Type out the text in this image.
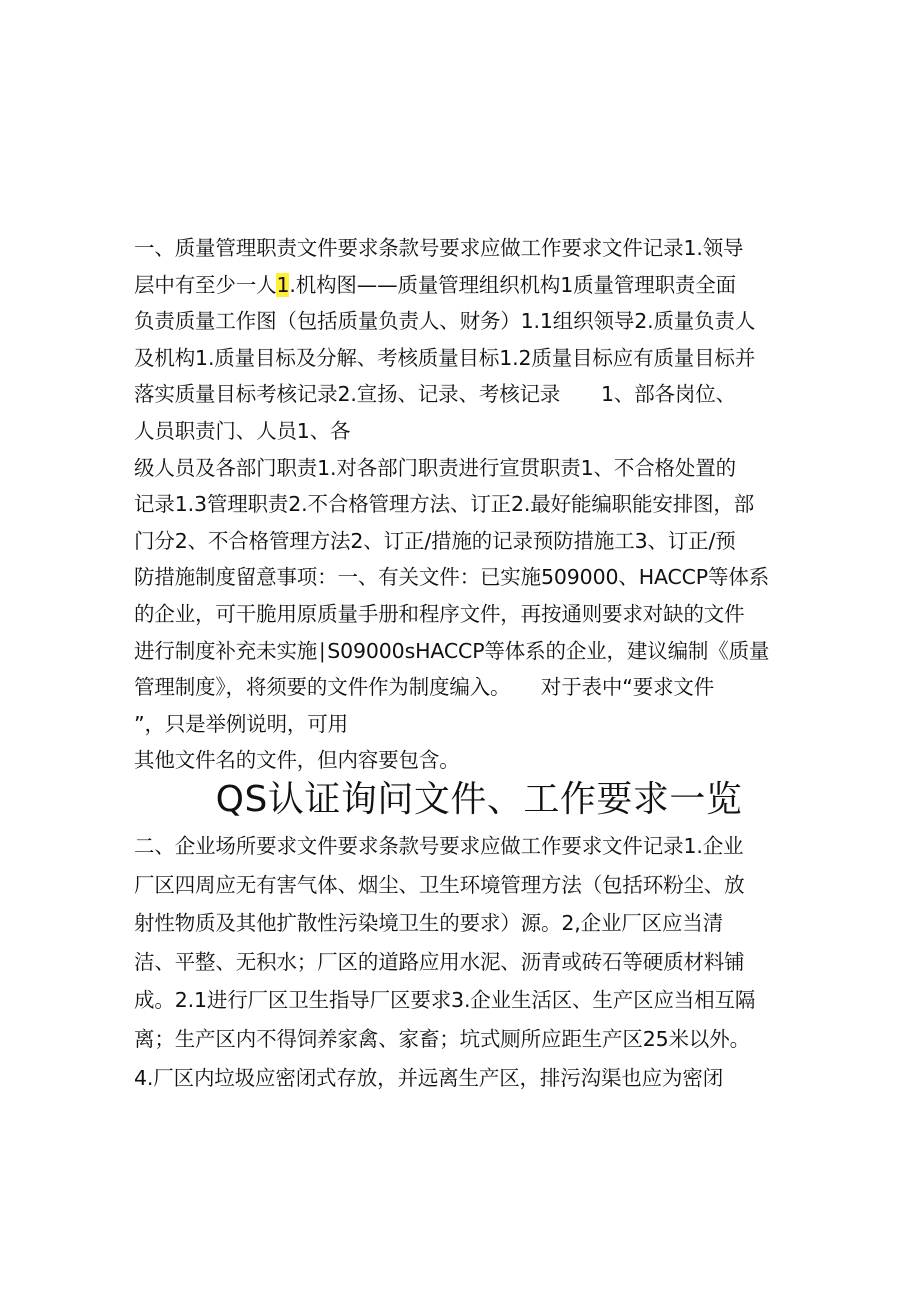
一、质量管理职责文件要求条款号要求应做工作要求文件记录1.领导
层中有至少一人1.机构图——质量管理组织机构1质量管理职责全面
负责质量工作图（包括质量负责人、财务）1.1组织领导2.质量负责人
及机构1.质量目标及分解、考核质量目标1.2质量目标应有质量目标并
落实质量目标考核记录2.宣扬、记录、考核记录　　1、部各岗位、
人员职责门、人员1、各
级人员及各部门职责1.对各部门职责进行宣贯职责1、不合格处置的
记录1.3管理职责2.不合格管理方法、订正2.最好能编职能安排图，部
门分2、不合格管理方法2、订正/措施的记录预防措施工3、订正/预
防措施制度留意事项：一、有关文件：已实施509000、HACCP等体系
的企业，可干脆用原质量手册和程序文件，再按通则要求对缺的文件
进行制度补充未实施∣S09000sHACCP等体系的企业，建议编制《质量
管理制度》，将须要的文件作为制度编入。　　对于表中“要求文件
”，只是举例说明，可用
其他文件名的文件，但内容要包含。
QS认证询问文件、工作要求一览
二、企业场所要求文件要求条款号要求应做工作要求文件记录1.企业
厂区四周应无有害气体、烟尘、卫生环境管理方法（包括环粉尘、放
射性物质及其他扩散性污染境卫生的要求）源。2,企业厂区应当清
洁、平整、无积水；厂区的道路应用水泥、沥青或砖石等硬质材料铺
成。2.1进行厂区卫生指导厂区要求3.企业生活区、生产区应当相互隔
离；生产区内不得饲养家禽、家畜；坑式厕所应距生产区25米以外。
4.厂区内垃圾应密闭式存放，并远离生产区，排污沟渠也应为密闭
